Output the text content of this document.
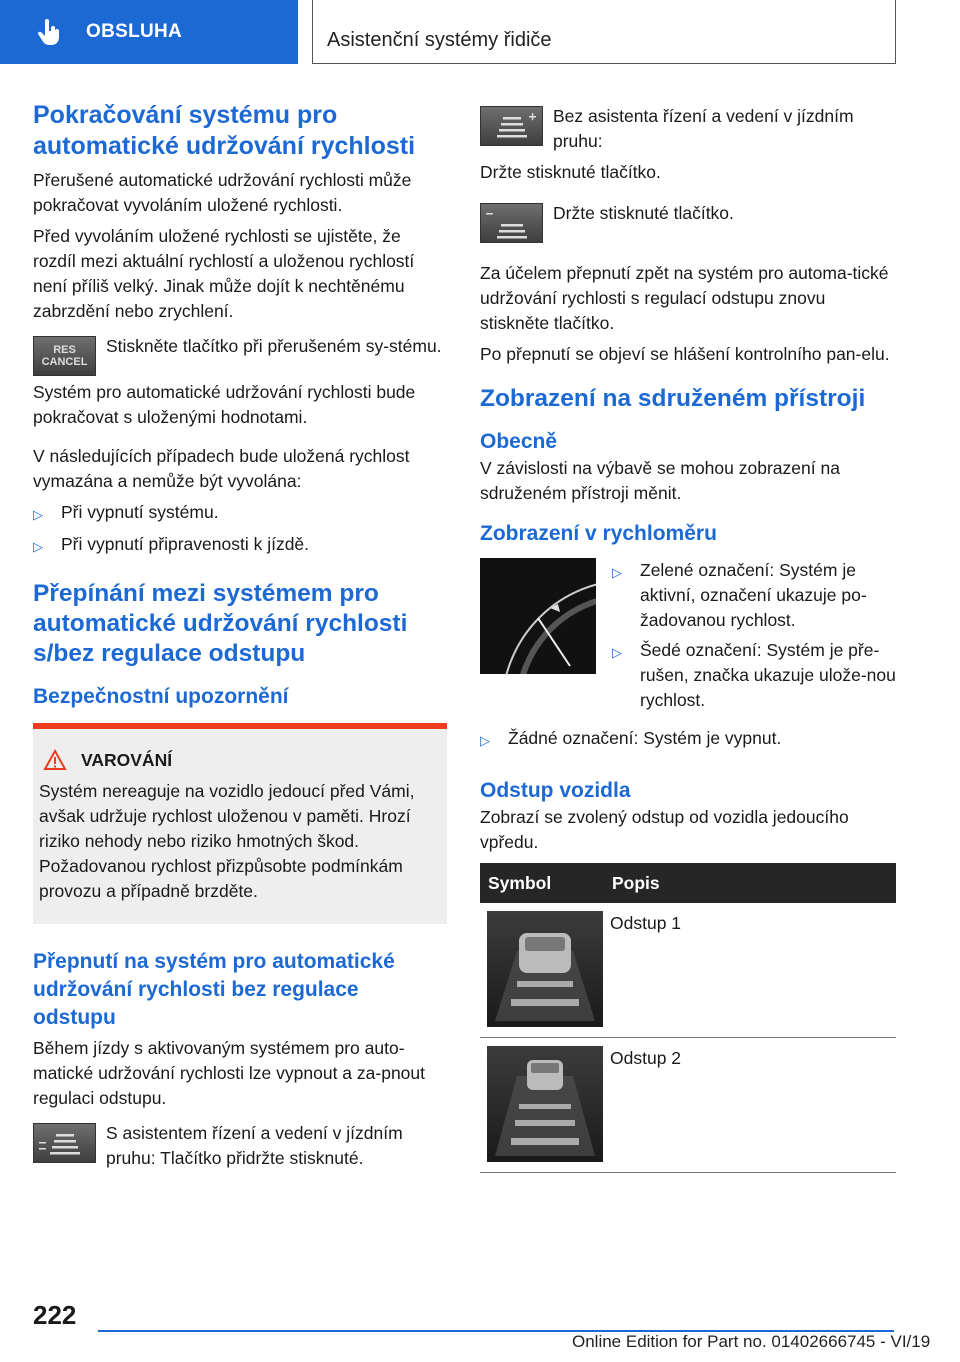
OBSLUHA	Asistenční systémy řidiče
Pokračování systému pro automatické udržování rychlosti

Přerušené automatické udržování rychlosti může pokračovat vyvoláním uložené rychlosti.

Před vyvoláním uložené rychlosti se ujistěte, že rozdíl mezi aktuální rychlostí a uloženou rychlostí není příliš velký. Jinak může dojít k nechtěnému zabrzdění nebo zrychlení.

RES
CANCEL

Stiskněte tlačítko při přerušeném sy-stému.

Systém pro automatické udržování rychlosti bude pokračovat s uloženými hodnotami.

V následujících případech bude uložená rychlost vymazána a nemůže být vyvolána:

▷	Při vypnutí systému.
▷	Při vypnutí připravenosti k jízdě.
Přepínání mezi systémem pro automatické udržování rychlosti s/bez regulace odstupu
Bezpečnostní upozornění
VAROVÁNÍ

Systém nereaguje na vozidlo jedoucí před Vámi, avšak udržuje rychlost uloženou v paměti. Hrozí riziko nehody nebo riziko hmotných škod. Požadovanou rychlost přizpůsobte podmínkám provozu a případně brzděte.

Přepnutí na systém pro automatické udržování rychlosti bez regulace odstupu

Během jízdy s aktivovaným systémem pro auto-matické udržování rychlosti lze vypnout a za-pnout regulaci odstupu.

S asistentem řízení a vedení v jízdním pruhu: Tlačítko přidržte stisknuté.

Bez asistenta řízení a vedení v jízdním pruhu:

Držte stisknuté tlačítko.

Držte stisknuté tlačítko.

Za účelem přepnutí zpět na systém pro automa-tické udržování rychlosti s regulací odstupu znovu stiskněte tlačítko.

Po přepnutí se objeví se hlášení kontrolního pan-elu.

Zobrazení na sdruženém přístroji
Obecně

V závislosti na výbavě se mohou zobrazení na sdruženém přístroji měnit.

Zobrazení v rychloměru
▷	Zelené označení: Systém je aktivní, označení ukazuje po-žadovanou rychlost.
▷	Šedé označení: Systém je pře-rušen, značka ukazuje ulože-nou rychlost.
▷	Žádné označení: Systém je vypnut.
Odstup vozidla

Zobrazí se zvolený odstup od vozidla jedoucího vpředu.

Symbol	Popis

	Odstup 1

	Odstup 2
222
Online Edition for Part no. 01402666745 - VI/19
